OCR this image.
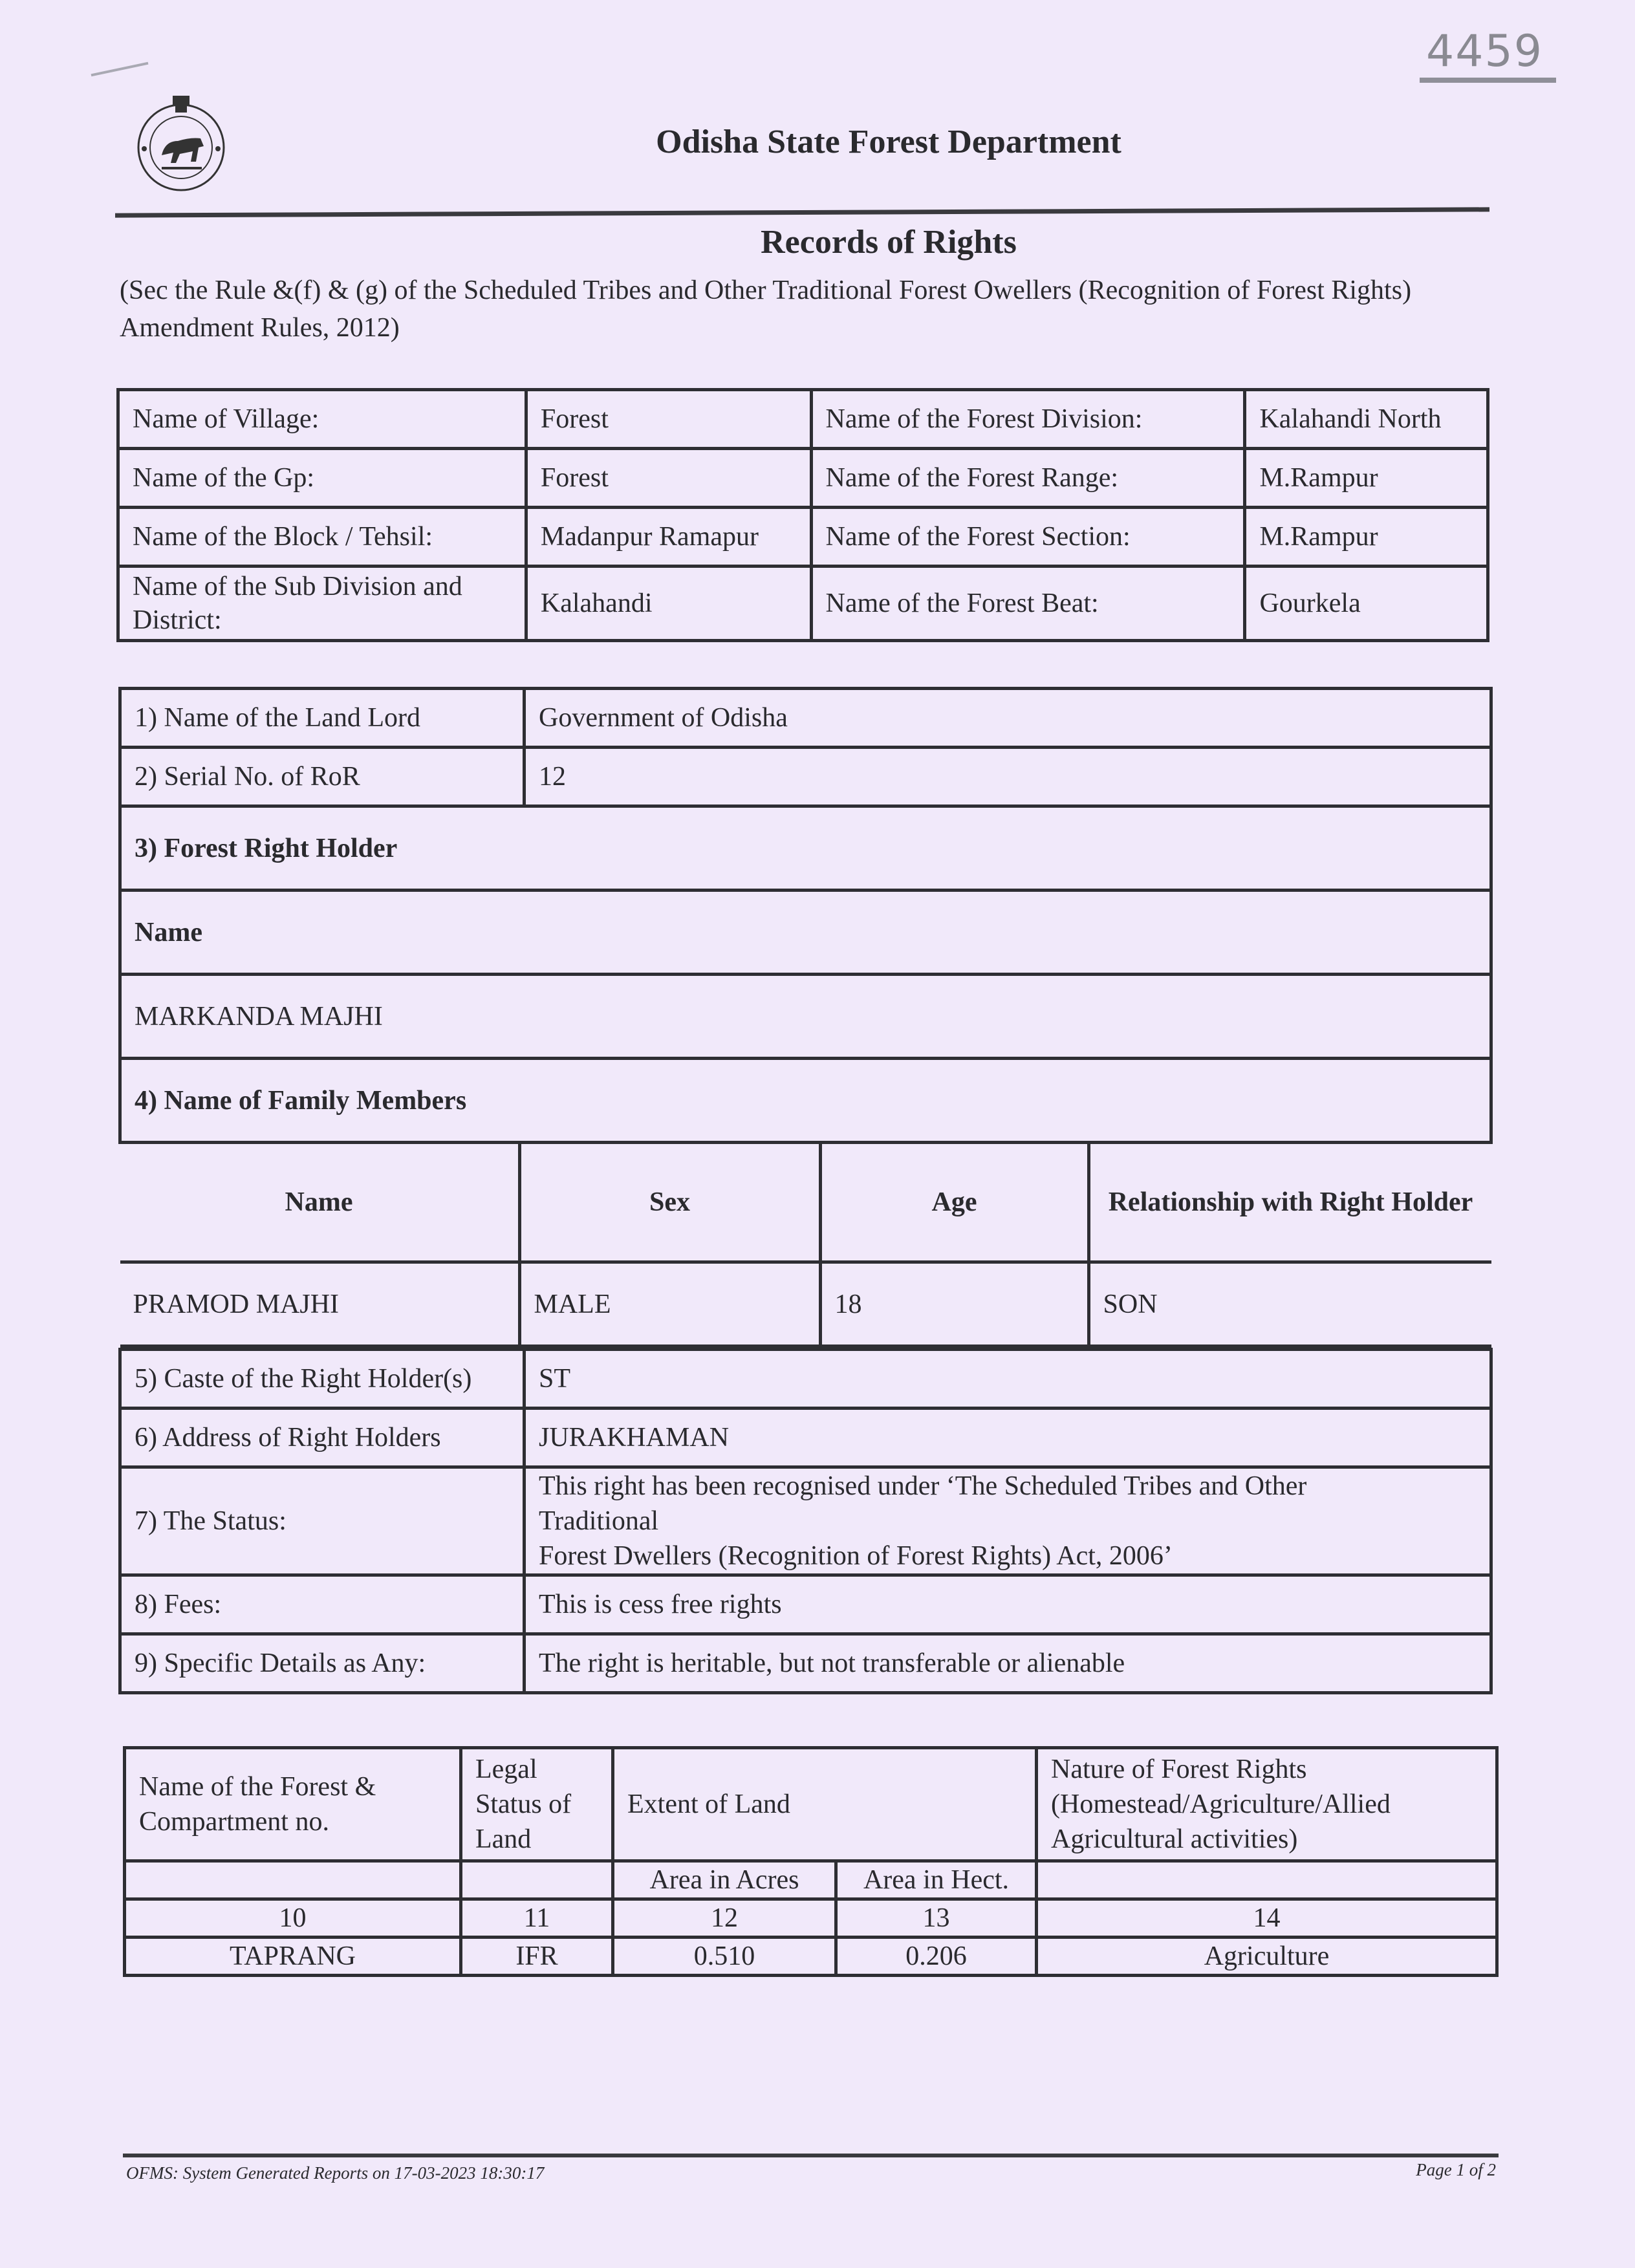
4459
Odisha State Forest Department
Records of Rights
(Sec the Rule &(f) & (g) of the Scheduled Tribes and Other Traditional Forest Owellers (Recognition of Forest Rights) Amendment Rules, 2012)
Name of Village:	Forest	Name of the Forest Division:	Kalahandi North
Name of the Gp:	Forest	Name of the Forest Range:	M.Rampur
Name of the Block / Tehsil:	Madanpur Ramapur	Name of the Forest Section:	M.Rampur
Name of the Sub Division and District:	Kalahandi	Name of the Forest Beat:	Gourkela
1) Name of the Land Lord	Government of Odisha
2) Serial No. of RoR	12
3) Forest Right Holder
Name
MARKANDA MAJHI
4) Name of Family Members

Name	Sex	Age	Relationship with Right Holder
PRAMOD MAJHI	MALE	18	SON

5) Caste of the Right Holder(s)	ST
6) Address of Right Holders	JURAKHAMAN
7) The Status:	
This right has been recognised under ‘The Scheduled Tribes and Other
Traditional
Forest Dwellers (Recognition of Forest Rights) Act, 2006’

8) Fees:	This is cess free rights
9) Specific Details as Any:	The right is heritable, but not transferable or alienable
Name of the Forest & Compartment no.	Legal Status of Land	Extent of Land		Nature of Forest Rights (Homestead/Agriculture/Allied Agricultural activities)
		Area in Acres	Area in Hect.	
10	11	12	13	14
TAPRANG	IFR	0.510	0.206	Agriculture
OFMS: System Generated Reports on 17-03-2023 18:30:17	Page 1 of 2
